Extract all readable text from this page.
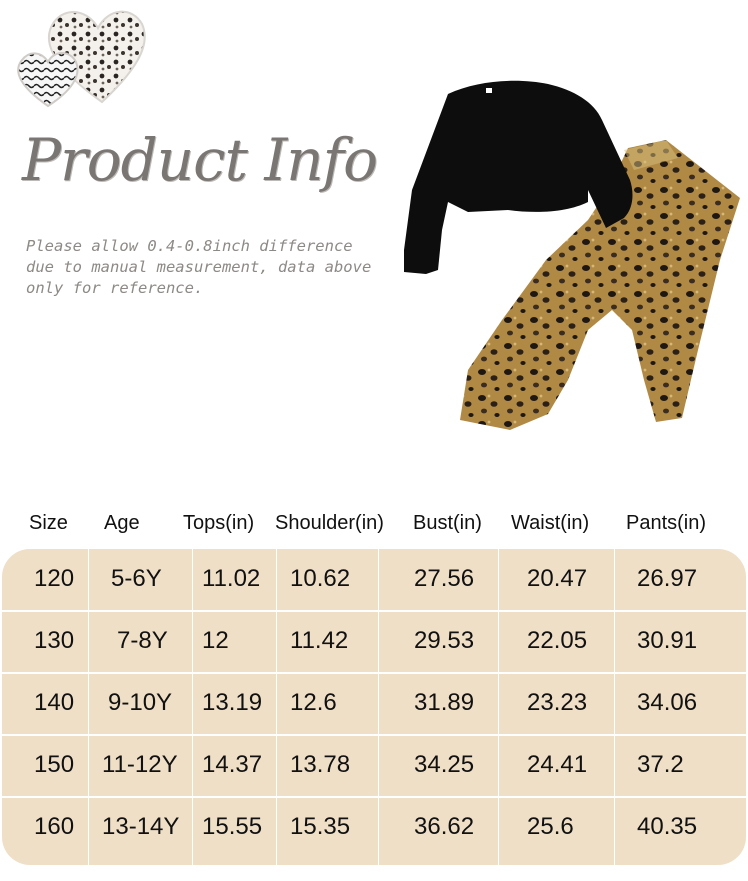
Product Info
Please allow 0.4-0.8inch difference due to manual measurement, data above only for reference.
Size Age Tops(in) Shoulder(in) Bust(in) Waist(in) Pants(in)
120 5-6Y 11.02 10.62	27.56 20.47 26.97
130 7-8Y 12	11.42	29.53 22.05 30.91
140 9-10Y 13.19 12.6	31.89 23.23 34.06
150 11-12Y 14.37 13.78	34.25 24.41 37.2
160 13-14Y 15.55 15.35	36.62 25.6	40.35
